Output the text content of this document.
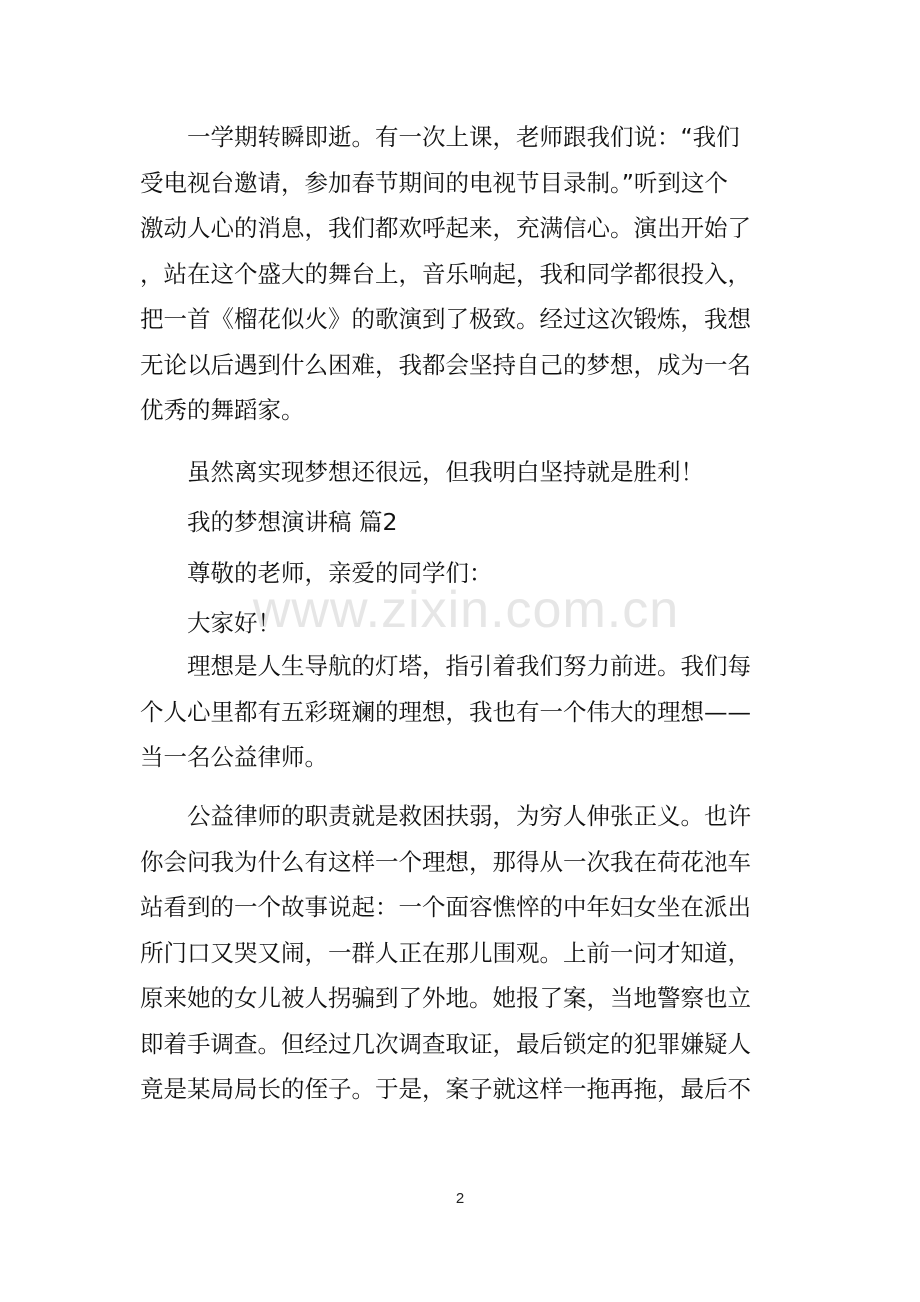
www.zixin.com.cn
　　一学期转瞬即逝。有一次上课，老师跟我们说：“我们
受电视台邀请，参加春节期间的电视节目录制。”听到这个
激动人心的消息，我们都欢呼起来，充满信心。演出开始了
，站在这个盛大的舞台上，音乐响起，我和同学都很投入，
把一首《榴花似火》的歌演到了极致。经过这次锻炼，我想
无论以后遇到什么困难，我都会坚持自己的梦想，成为一名
优秀的舞蹈家。
　　虽然离实现梦想还很远，但我明白坚持就是胜利！
　　我的梦想演讲稿 篇2
　　尊敬的老师，亲爱的同学们：
　　大家好！
　　理想是人生导航的灯塔，指引着我们努力前进。我们每
个人心里都有五彩斑斓的理想，我也有一个伟大的理想——
当一名公益律师。
　　公益律师的职责就是救困扶弱，为穷人伸张正义。也许
你会问我为什么有这样一个理想，那得从一次我在荷花池车
站看到的一个故事说起：一个面容憔悴的中年妇女坐在派出
所门口又哭又闹，一群人正在那儿围观。上前一问才知道，
原来她的女儿被人拐骗到了外地。她报了案，当地警察也立
即着手调查。但经过几次调查取证，最后锁定的犯罪嫌疑人
竟是某局局长的侄子。于是，案子就这样一拖再拖，最后不
2
